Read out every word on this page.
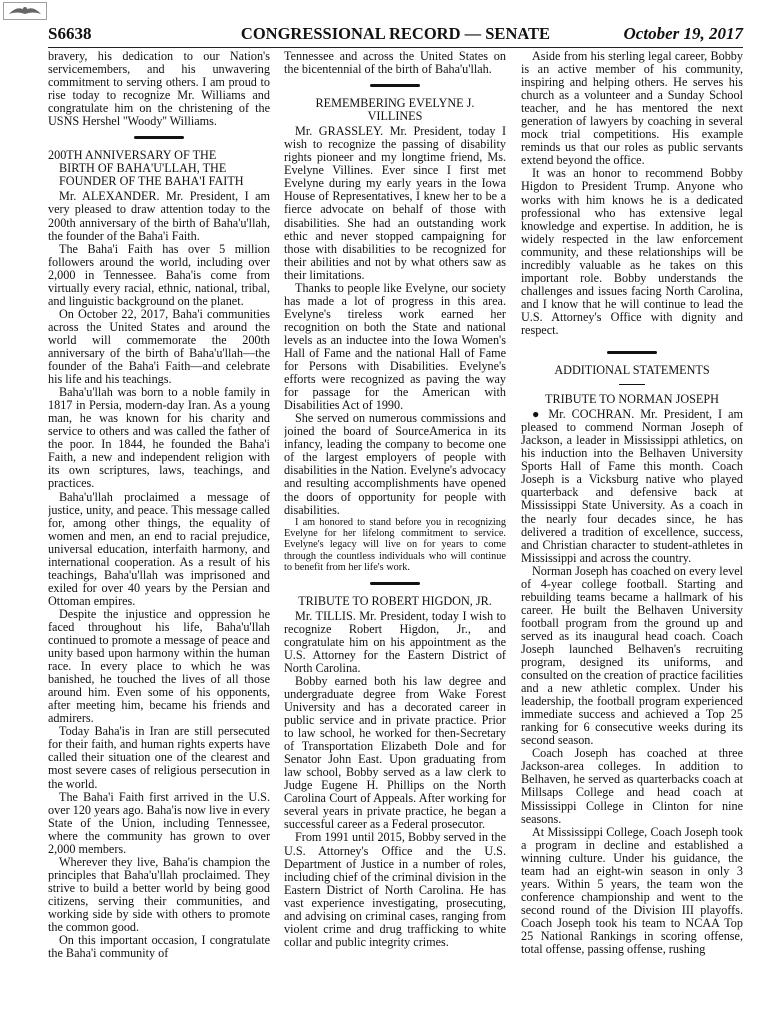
S6638	CONGRESSIONAL RECORD — SENATE	October 19, 2017

bravery, his dedication to our Nation's servicemembers, and his unwavering commitment to serving others. I am proud to rise today to recognize Mr. Williams and congratulate him on the christening of the USNS Hershel ''Woody'' Williams.

200TH ANNIVERSARY OF THE
BIRTH OF BAHA'U'LLAH, THE
FOUNDER OF THE BAHA'I FAITH

Mr. ALEXANDER. Mr. President, I am very pleased to draw attention today to the 200th anniversary of the birth of Baha'u'llah, the founder of the Baha'i Faith.

The Baha'i Faith has over 5 million followers around the world, including over 2,000 in Tennessee. Baha'is come from virtually every racial, ethnic, national, tribal, and linguistic background on the planet.

On October 22, 2017, Baha'i communities across the United States and around the world will commemorate the 200th anniversary of the birth of Baha'u'llah—the founder of the Baha'i Faith—and celebrate his life and his teachings.

Baha'u'llah was born to a noble family in 1817 in Persia, modern-day Iran. As a young man, he was known for his charity and service to others and was called the father of the poor. In 1844, he founded the Baha'i Faith, a new and independent religion with its own scriptures, laws, teachings, and practices.

Baha'u'llah proclaimed a message of justice, unity, and peace. This message called for, among other things, the equality of women and men, an end to racial prejudice, universal education, interfaith harmony, and international cooperation. As a result of his teachings, Baha'u'llah was imprisoned and exiled for over 40 years by the Persian and Ottoman empires.

Despite the injustice and oppression he faced throughout his life, Baha'u'llah continued to promote a message of peace and unity based upon harmony within the human race. In every place to which he was banished, he touched the lives of all those around him. Even some of his opponents, after meeting him, became his friends and admirers.

Today Baha'is in Iran are still persecuted for their faith, and human rights experts have called their situation one of the clearest and most severe cases of religious persecution in the world.

The Baha'i Faith first arrived in the U.S. over 120 years ago. Baha'is now live in every State of the Union, including Tennessee, where the community has grown to over 2,000 members.

Wherever they live, Baha'is champion the principles that Baha'u'llah proclaimed. They strive to build a better world by being good citizens, serving their communities, and working side by side with others to promote the common good.

On this important occasion, I congratulate the Baha'i community of

Tennessee and across the United States on the bicentennial of the birth of Baha'u'llah.

REMEMBERING EVELYNE J.
VILLINES

Mr. GRASSLEY. Mr. President, today I wish to recognize the passing of disability rights pioneer and my longtime friend, Ms. Evelyne Villines. Ever since I first met Evelyne during my early years in the Iowa House of Representatives, I knew her to be a fierce advocate on behalf of those with disabilities. She had an outstanding work ethic and never stopped campaigning for those with disabilities to be recognized for their abilities and not by what others saw as their limitations.

Thanks to people like Evelyne, our society has made a lot of progress in this area. Evelyne's tireless work earned her recognition on both the State and national levels as an inductee into the Iowa Women's Hall of Fame and the national Hall of Fame for Persons with Disabilities. Evelyne's efforts were recognized as paving the way for passage for the American with Disabilities Act of 1990.

She served on numerous commissions and joined the board of SourceAmerica in its infancy, leading the company to become one of the largest employers of people with disabilities in the Nation. Evelyne's advocacy and resulting accomplishments have opened the doors of opportunity for people with disabilities.

I am honored to stand before you in recognizing Evelyne for her lifelong commitment to service. Evelyne's legacy will live on for years to come through the countless individuals who will continue to benefit from her life's work.

TRIBUTE TO ROBERT HIGDON, JR.

Mr. TILLIS. Mr. President, today I wish to recognize Robert Higdon, Jr., and congratulate him on his appointment as the U.S. Attorney for the Eastern District of North Carolina.

Bobby earned both his law degree and undergraduate degree from Wake Forest University and has a decorated career in public service and in private practice. Prior to law school, he worked for then-Secretary of Transportation Elizabeth Dole and for Senator John East. Upon graduating from law school, Bobby served as a law clerk to Judge Eugene H. Phillips on the North Carolina Court of Appeals. After working for several years in private practice, he began a successful career as a Federal prosecutor.

From 1991 until 2015, Bobby served in the U.S. Attorney's Office and the U.S. Department of Justice in a number of roles, including chief of the criminal division in the Eastern District of North Carolina. He has vast experience investigating, prosecuting, and advising on criminal cases, ranging from violent crime and drug trafficking to white collar and public integrity crimes.

Aside from his sterling legal career, Bobby is an active member of his community, inspiring and helping others. He serves his church as a volunteer and a Sunday School teacher, and he has mentored the next generation of lawyers by coaching in several mock trial competitions. His example reminds us that our roles as public servants extend beyond the office.

It was an honor to recommend Bobby Higdon to President Trump. Anyone who works with him knows he is a dedicated professional who has extensive legal knowledge and expertise. In addition, he is widely respected in the law enforcement community, and these relationships will be incredibly valuable as he takes on this important role. Bobby understands the challenges and issues facing North Carolina, and I know that he will continue to lead the U.S. Attorney's Office with dignity and respect.

ADDITIONAL STATEMENTS
TRIBUTE TO NORMAN JOSEPH

● Mr. COCHRAN. Mr. President, I am pleased to commend Norman Joseph of Jackson, a leader in Mississippi athletics, on his induction into the Belhaven University Sports Hall of Fame this month. Coach Joseph is a Vicksburg native who played quarterback and defensive back at Mississippi State University. As a coach in the nearly four decades since, he has delivered a tradition of excellence, success, and Christian character to student-athletes in Mississippi and across the country.

Norman Joseph has coached on every level of 4-year college football. Starting and rebuilding teams became a hallmark of his career. He built the Belhaven University football program from the ground up and served as its inaugural head coach. Coach Joseph launched Belhaven's recruiting program, designed its uniforms, and consulted on the creation of practice facilities and a new athletic complex. Under his leadership, the football program experienced immediate success and achieved a Top 25 ranking for 6 consecutive weeks during its second season.

Coach Joseph has coached at three Jackson-area colleges. In addition to Belhaven, he served as quarterbacks coach at Millsaps College and head coach at Mississippi College in Clinton for nine seasons.

At Mississippi College, Coach Joseph took a program in decline and established a winning culture. Under his guidance, the team had an eight-win season in only 3 years. Within 5 years, the team won the conference championship and went to the second round of the Division III playoffs. Coach Joseph took his team to NCAA Top 25 National Rankings in scoring offense, total offense, passing offense, rushing
